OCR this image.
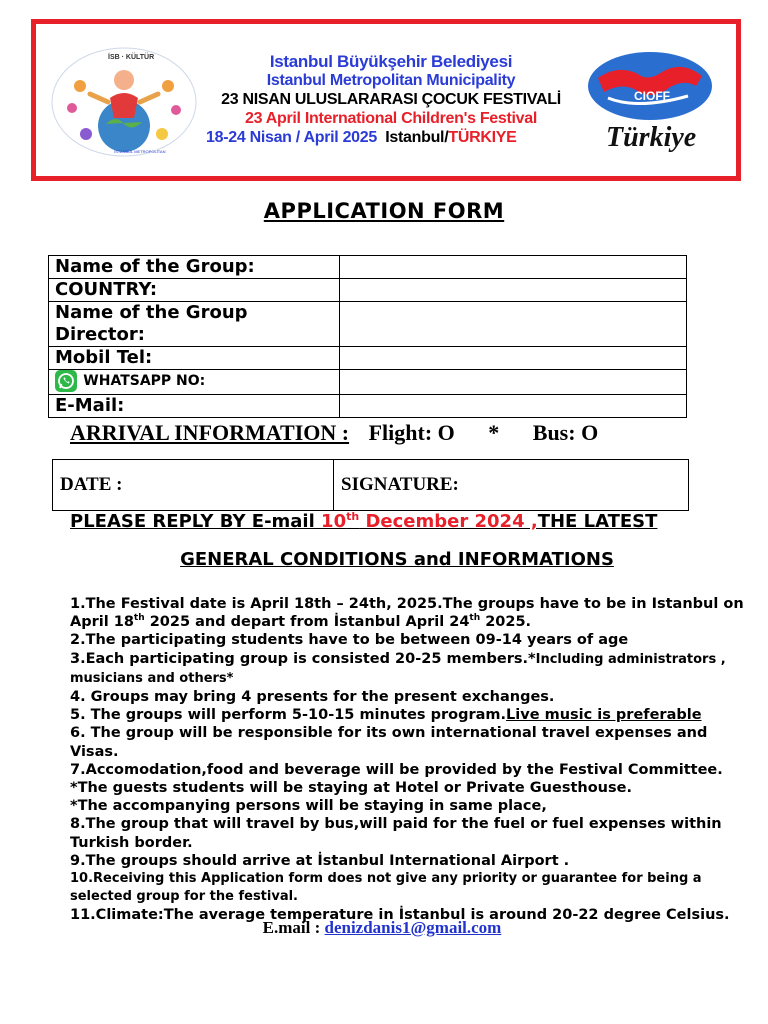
İSB · KÜLTÜR
İSTANBUL METROPOLİTAN
Istanbul Büyükşehir Belediyesi
Istanbul Metropolitan Municipality
23 NISAN ULUSLARARASI ÇOCUK FESTIVALİ
23 April International Children's Festival
18-24 Nisan / April 2025 Istanbul/TÜRKIYE
CIOFF
Türkiye
APPLICATION FORM
Name of the Group:	
COUNTRY:	
Name of the Group Director:	
Mobil Tel:	
WHATSAPP NO:	
E-Mail:	
ARRIVAL INFORMATION : Flight: O * Bus: O
DATE :	SIGNATURE:
PLEASE REPLY BY E-mail 10th December 2024 ,THE LATEST
GENERAL CONDITIONS and INFORMATIONS

1.The Festival date is April 18th – 24th, 2025.The groups have to be in Istanbul on April 18th 2025 and depart from İstanbul April 24th 2025.

2.The participating students have to be between 09-14 years of age

3.Each participating group is consisted 20-25 members.*Including administrators , musicians and others*

4. Groups may bring 4 presents for the present exchanges.

5. The groups will perform 5-10-15 minutes program.Live music is preferable

6. The group will be responsible for its own international travel expenses and Visas.

7.Accomodation,food and beverage will be provided by the Festival Committee.

*The guests students will be staying at Hotel or Private Guesthouse.

*The accompanying persons will be staying in same place,

8.The group that will travel by bus,will paid for the fuel or fuel expenses within Turkish border.

9.The groups should arrive at İstanbul International Airport .

10.Receiving this Application form does not give any priority or guarantee for being a selected group for the festival.

11.Climate:The average temperature in İstanbul is around 20-22 degree Celsius.

E.mail : denizdanis1@gmail.com
